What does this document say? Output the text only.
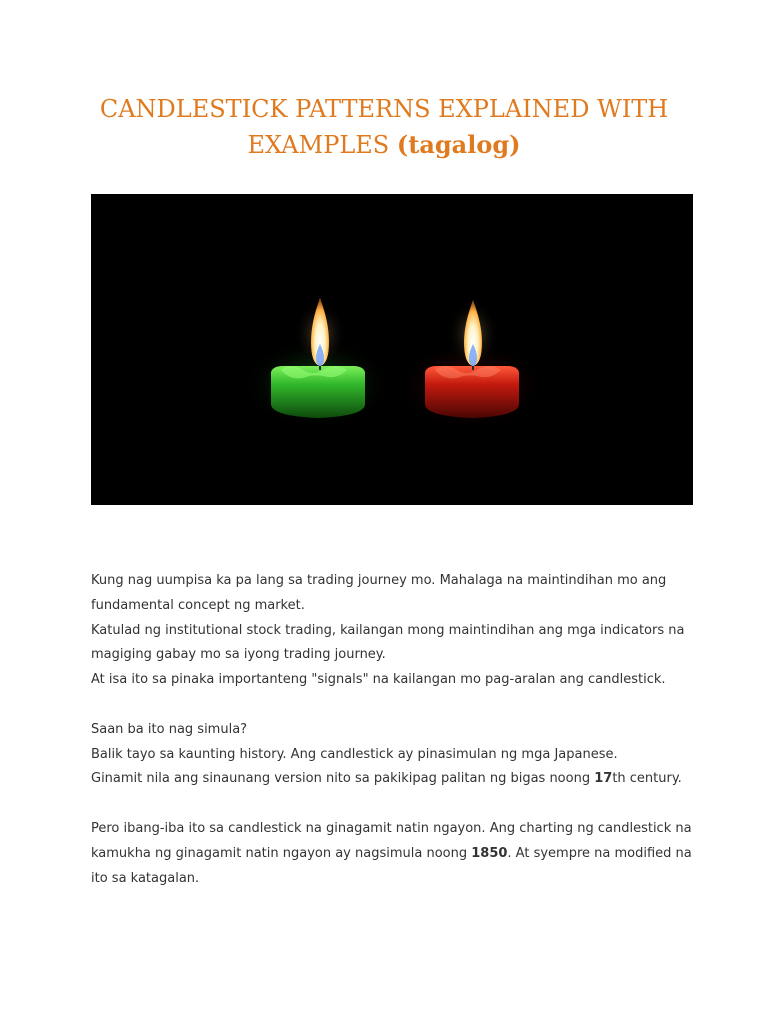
CANDLESTICK PATTERNS EXPLAINED WITH EXAMPLES (tagalog)

Kung nag uumpisa ka pa lang sa trading journey mo. Mahalaga na maintindihan mo ang
fundamental concept ng market.
Katulad ng institutional stock trading, kailangan mong maintindihan ang mga indicators na
magiging gabay mo sa iyong trading journey.
At isa ito sa pinaka importanteng "signals" na kailangan mo pag-aralan ang candlestick.

Saan ba ito nag simula?
Balik tayo sa kaunting history. Ang candlestick ay pinasimulan ng mga Japanese.
Ginamit nila ang sinaunang version nito sa pakikipag palitan ng bigas noong 17th century.

Pero ibang-iba ito sa candlestick na ginagamit natin ngayon. Ang charting ng candlestick na
kamukha ng ginagamit natin ngayon ay nagsimula noong 1850. At syempre na modified na
ito sa katagalan.
